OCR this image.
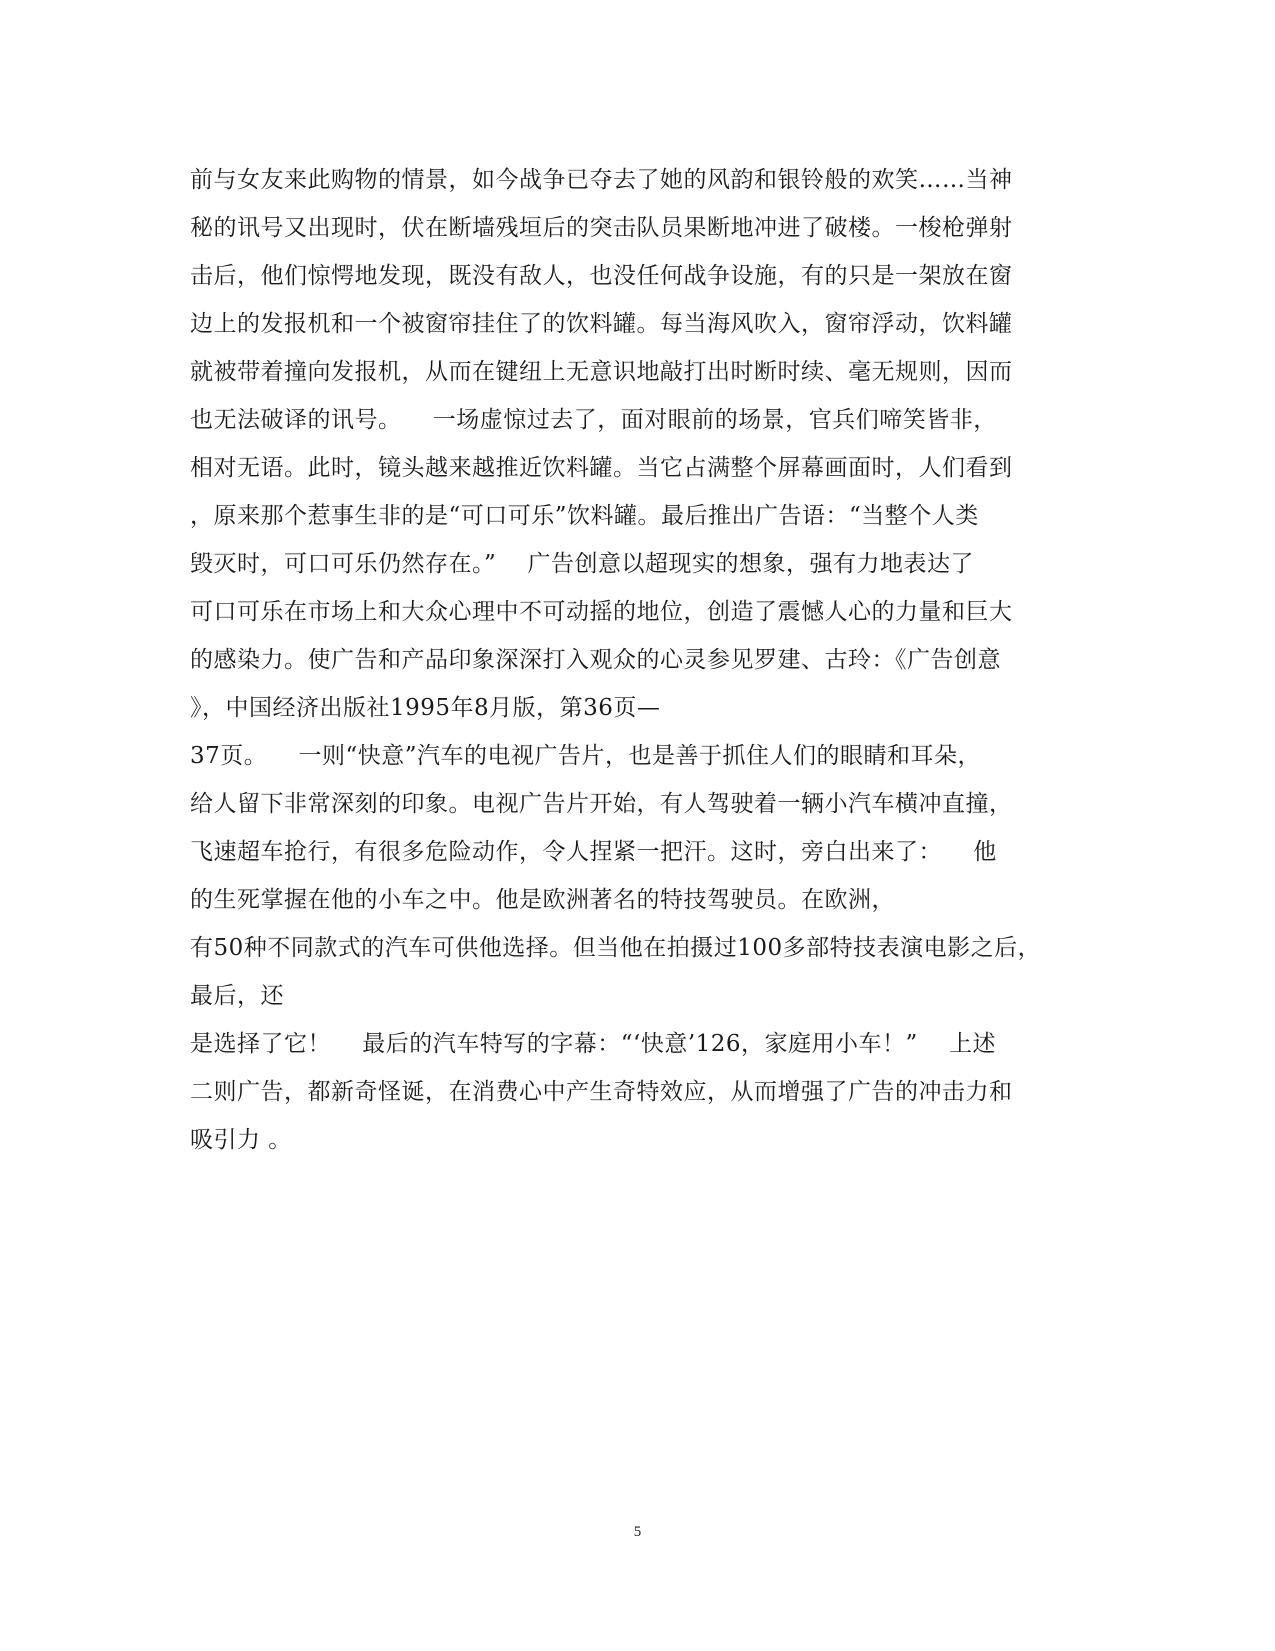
前与女友来此购物的情景，如今战争已夺去了她的风韵和银铃般的欢笑……当神
秘的讯号又出现时，伏在断墙残垣后的突击队员果断地冲进了破楼。一梭枪弹射
击后，他们惊愕地发现，既没有敌人，也没任何战争设施，有的只是一架放在窗
边上的发报机和一个被窗帘挂住了的饮料罐。每当海风吹入，窗帘浮动，饮料罐
就被带着撞向发报机，从而在键纽上无意识地敲打出时断时续、毫无规则，因而
也无法破译的讯号。    一场虚惊过去了，面对眼前的场景，官兵们啼笑皆非，
相对无语。此时，镜头越来越推近饮料罐。当它占满整个屏幕画面时，人们看到
，原来那个惹事生非的是“可口可乐”饮料罐。最后推出广告语：“当整个人类
毁灭时，可口可乐仍然存在。”    广告创意以超现实的想象，强有力地表达了
可口可乐在市场上和大众心理中不可动摇的地位，创造了震憾人心的力量和巨大
的感染力。使广告和产品印象深深打入观众的心灵参见罗建、古玲：《广告创意
》，中国经济出版社1995年8月版，第36页—
37页。    一则“快意”汽车的电视广告片，也是善于抓住人们的眼睛和耳朵，
给人留下非常深刻的印象。电视广告片开始，有人驾驶着一辆小汽车横冲直撞，
飞速超车抢行，有很多危险动作，令人捏紧一把汗。这时，旁白出来了：    他
的生死掌握在他的小车之中。他是欧洲著名的特技驾驶员。在欧洲，
有50种不同款式的汽车可供他选择。但当他在拍摄过100多部特技表演电影之后，
最后，还
是选择了它！    最后的汽车特写的字幕：“‘快意’126，家庭用小车！”    上述
二则广告，都新奇怪诞，在消费心中产生奇特效应，从而增强了广告的冲击力和
吸引力 。
5
